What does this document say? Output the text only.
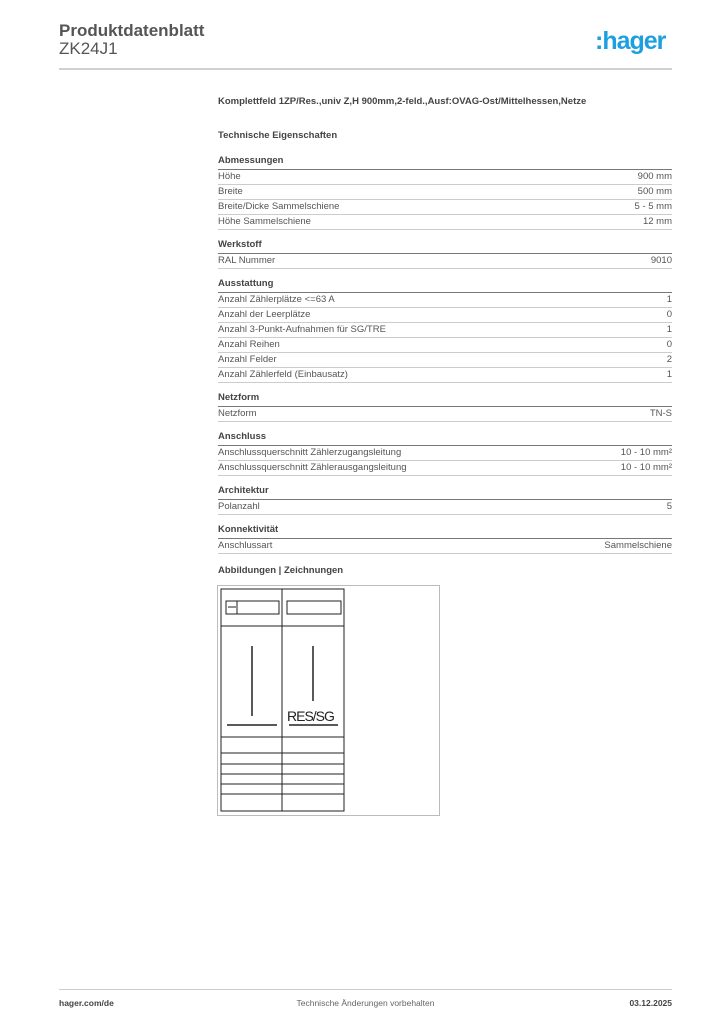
Produktdatenblatt
ZK24J1	:hager
Komplettfeld 1ZP/Res.,univ Z,H 900mm,2-feld.,Ausf:OVAG-Ost/Mittelhessen,Netze
Technische Eigenschaften
Abmessungen
Höhe	900 mm
Breite	500 mm
Breite/Dicke Sammelschiene	5 - 5 mm
Höhe Sammelschiene	12 mm
Werkstoff
RAL Nummer	9010
Ausstattung
Anzahl Zählerplätze <=63 A	1
Anzahl der Leerplätze	0
Anzahl 3-Punkt-Aufnahmen für SG/TRE	1
Anzahl Reihen	0
Anzahl Felder	2
Anzahl Zählerfeld (Einbausatz)	1
Netzform
Netzform	TN-S
Anschluss
Anschlussquerschnitt Zählerzugangsleitung	10 - 10 mm²
Anschlussquerschnitt Zählerausgangsleitung	10 - 10 mm²
Architektur
Polanzahl	5
Konnektivität
Anschlussart	Sammelschiene
Abbildungen | Zeichnungen
RES/SG
hager.com/de	Technische Änderungen vorbehalten	03.12.2025
